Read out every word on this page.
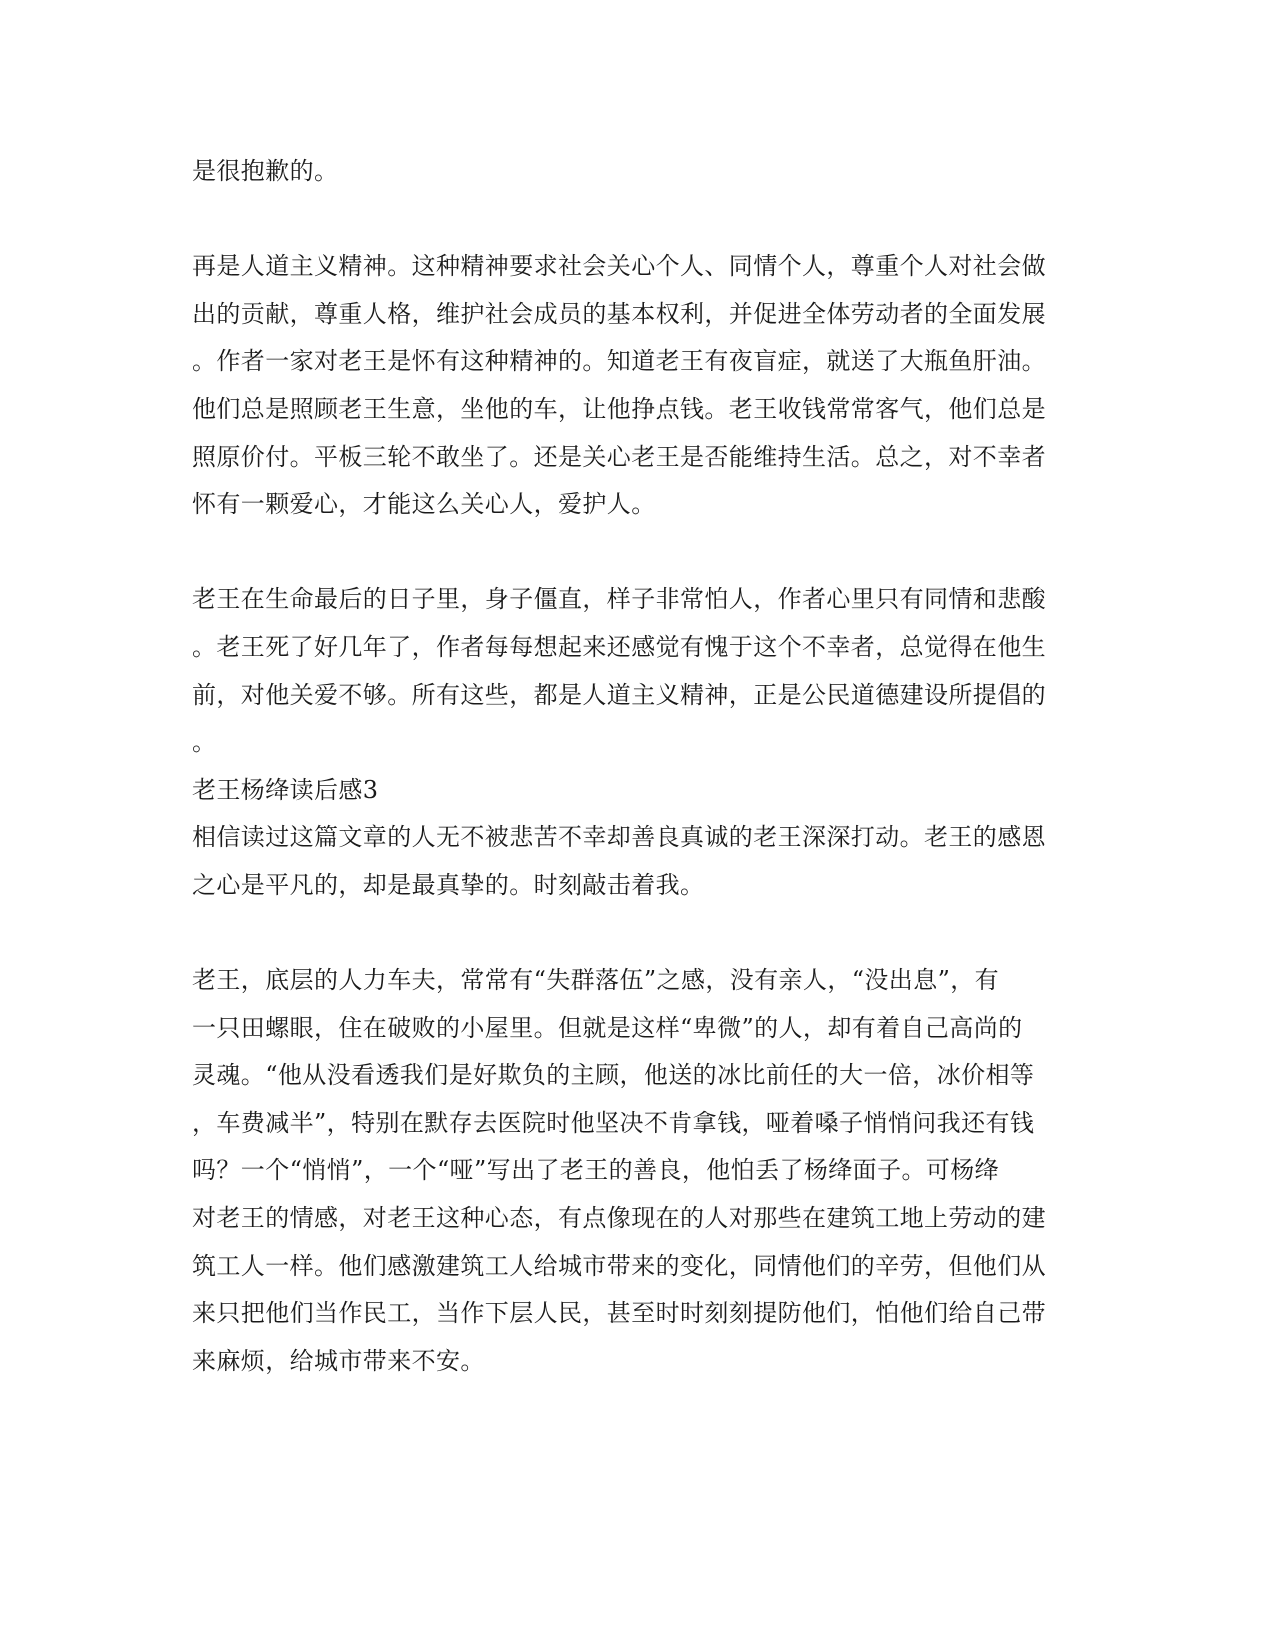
是很抱歉的。
再是人道主义精神。这种精神要求社会关心个人、同情个人，尊重个人对社会做
出的贡献，尊重人格，维护社会成员的基本权利，并促进全体劳动者的全面发展
。作者一家对老王是怀有这种精神的。知道老王有夜盲症，就送了大瓶鱼肝油。
他们总是照顾老王生意，坐他的车，让他挣点钱。老王收钱常常客气，他们总是
照原价付。平板三轮不敢坐了。还是关心老王是否能维持生活。总之，对不幸者
怀有一颗爱心，才能这么关心人，爱护人。
老王在生命最后的日子里，身子僵直，样子非常怕人，作者心里只有同情和悲酸
。老王死了好几年了，作者每每想起来还感觉有愧于这个不幸者，总觉得在他生
前，对他关爱不够。所有这些，都是人道主义精神，正是公民道德建设所提倡的
。
老王杨绛读后感3
相信读过这篇文章的人无不被悲苦不幸却善良真诚的老王深深打动。老王的感恩
之心是平凡的，却是最真挚的。时刻敲击着我。
老王，底层的人力车夫，常常有“失群落伍”之感，没有亲人，“没出息”，有
一只田螺眼，住在破败的小屋里。但就是这样“卑微”的人，却有着自己高尚的
灵魂。“他从没看透我们是好欺负的主顾，他送的冰比前任的大一倍，冰价相等
，车费减半”，特别在默存去医院时他坚决不肯拿钱，哑着嗓子悄悄问我还有钱
吗？一个“悄悄”，一个“哑”写出了老王的善良，他怕丢了杨绛面子。可杨绛
对老王的情感，对老王这种心态，有点像现在的人对那些在建筑工地上劳动的建
筑工人一样。他们感激建筑工人给城市带来的变化，同情他们的辛劳，但他们从
来只把他们当作民工，当作下层人民，甚至时时刻刻提防他们，怕他们给自己带
来麻烦，给城市带来不安。
